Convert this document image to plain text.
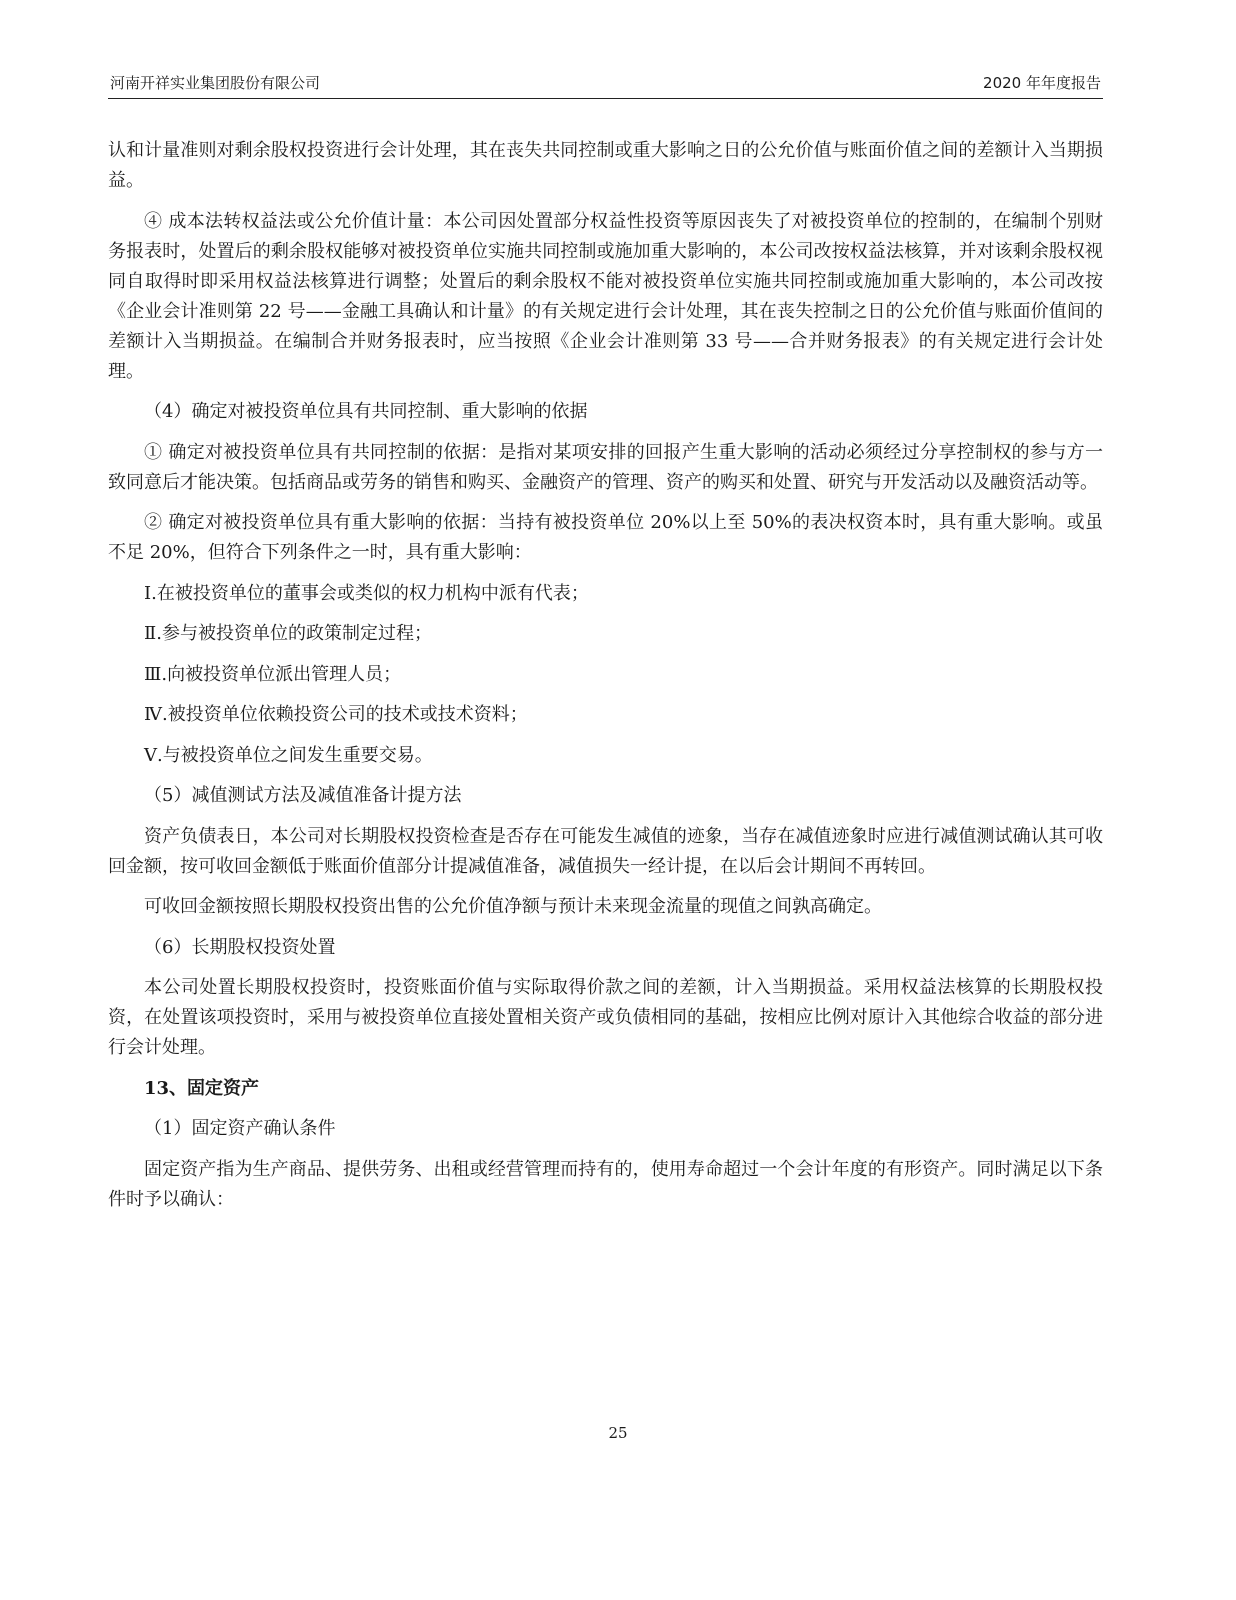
河南开祥实业集团股份有限公司	2020 年年度报告

认和计量准则对剩余股权投资进行会计处理，其在丧失共同控制或重大影响之日的公允价值与账面价值之间的差额计入当期损益。

④ 成本法转权益法或公允价值计量：本公司因处置部分权益性投资等原因丧失了对被投资单位的控制的，在编制个别财务报表时，处置后的剩余股权能够对被投资单位实施共同控制或施加重大影响的，本公司改按权益法核算，并对该剩余股权视同自取得时即采用权益法核算进行调整；处置后的剩余股权不能对被投资单位实施共同控制或施加重大影响的，本公司改按《企业会计准则第 22 号——金融工具确认和计量》的有关规定进行会计处理，其在丧失控制之日的公允价值与账面价值间的差额计入当期损益。在编制合并财务报表时，应当按照《企业会计准则第 33 号——合并财务报表》的有关规定进行会计处理。

（4）确定对被投资单位具有共同控制、重大影响的依据

① 确定对被投资单位具有共同控制的依据：是指对某项安排的回报产生重大影响的活动必须经过分享控制权的参与方一致同意后才能决策。包括商品或劳务的销售和购买、金融资产的管理、资产的购买和处置、研究与开发活动以及融资活动等。

② 确定对被投资单位具有重大影响的依据：当持有被投资单位 20%以上至 50%的表决权资本时，具有重大影响。或虽不足 20%，但符合下列条件之一时，具有重大影响：

Ⅰ.在被投资单位的董事会或类似的权力机构中派有代表；

Ⅱ.参与被投资单位的政策制定过程；

Ⅲ.向被投资单位派出管理人员；

Ⅳ.被投资单位依赖投资公司的技术或技术资料；

Ⅴ.与被投资单位之间发生重要交易。

（5）减值测试方法及减值准备计提方法

资产负债表日，本公司对长期股权投资检查是否存在可能发生减值的迹象，当存在减值迹象时应进行减值测试确认其可收回金额，按可收回金额低于账面价值部分计提减值准备，减值损失一经计提，在以后会计期间不再转回。

可收回金额按照长期股权投资出售的公允价值净额与预计未来现金流量的现值之间孰高确定。

（6）长期股权投资处置

本公司处置长期股权投资时，投资账面价值与实际取得价款之间的差额，计入当期损益。采用权益法核算的长期股权投资，在处置该项投资时，采用与被投资单位直接处置相关资产或负债相同的基础，按相应比例对原计入其他综合收益的部分进行会计处理。

13、固定资产

（1）固定资产确认条件

固定资产指为生产商品、提供劳务、出租或经营管理而持有的，使用寿命超过一个会计年度的有形资产。同时满足以下条件时予以确认：

25
